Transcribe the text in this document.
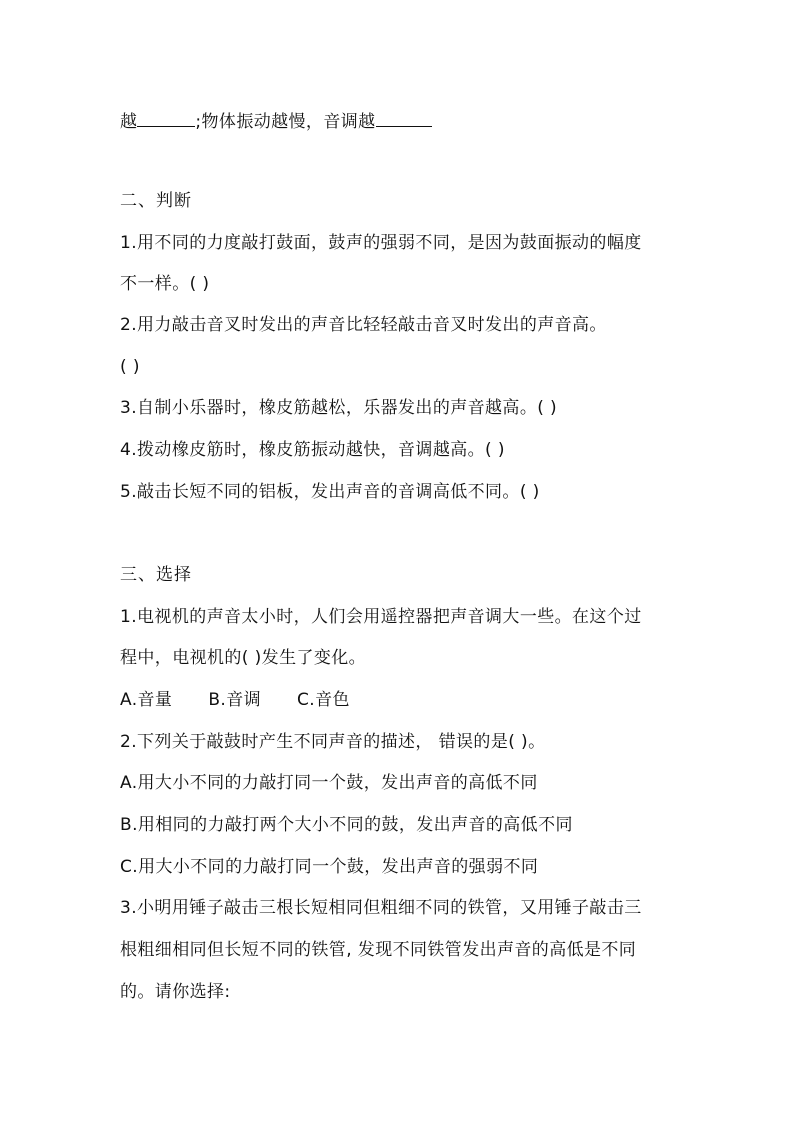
越	;物体振动越慢，音调越
二、判断
1.用不同的力度敲打鼓面，鼓声的强弱不同，是因为鼓面振动的幅度
不一样。( )
2.用力敲击音叉时发出的声音比轻轻敲击音叉时发出的声音高。
( )
3.自制小乐器时，橡皮筋越松，乐器发出的声音越高。( )
4.拨动橡皮筋时，橡皮筋振动越快，音调越高。( )
5.敲击长短不同的铝板，发出声音的音调高低不同。( )
三、选择
1.电视机的声音太小时，人们会用遥控器把声音调大一些。在这个过
程中，电视机的( )发生了变化。
A.音量 B.音调 C.音色
2.下列关于敲鼓时产生不同声音的描述， 错误的是( )。
A.用大小不同的力敲打同一个鼓，发出声音的高低不同
B.用相同的力敲打两个大小不同的鼓，发出声音的高低不同
C.用大小不同的力敲打同一个鼓，发出声音的强弱不同
3.小明用锤子敲击三根长短相同但粗细不同的铁管，又用锤子敲击三
根粗细相同但长短不同的铁管, 发现不同铁管发出声音的高低是不同
的。请你选择:
